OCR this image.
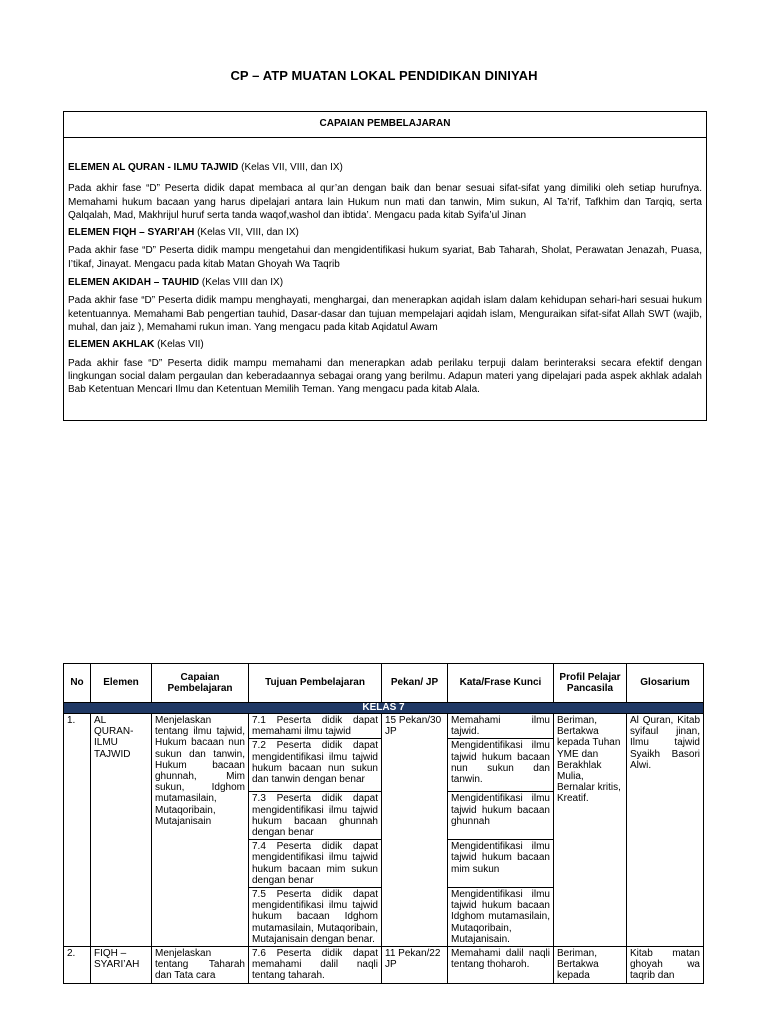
CP – ATP MUATAN LOKAL PENDIDIKAN DINIYAH
CAPAIAN PEMBELAJARAN

ELEMEN AL QURAN - ILMU TAJWID (Kelas VII, VIII, dan IX)

Pada akhir fase “D” Peserta didik dapat membaca al qur’an dengan baik dan benar sesuai sifat-sifat yang dimiliki oleh setiap hurufnya. Memahami hukum bacaan yang harus dipelajari antara lain Hukum nun mati dan tanwin, Mim sukun, Al Ta’rif, Tafkhim dan Tarqiq, serta Qalqalah, Mad, Makhrijul huruf serta tanda waqof,washol dan ibtida’. Mengacu pada kitab Syifa’ul Jinan

ELEMEN FIQH – SYARI’AH (Kelas VII, VIII, dan IX)

Pada akhir fase “D” Peserta didik mampu mengetahui dan mengidentifikasi hukum syariat, Bab Taharah, Sholat, Perawatan Jenazah, Puasa, I’tikaf, Jinayat. Mengacu pada kitab Matan Ghoyah Wa Taqrib

ELEMEN AKIDAH – TAUHID (Kelas VIII dan IX)

Pada akhir fase “D” Peserta didik mampu menghayati, menghargai, dan menerapkan aqidah islam dalam kehidupan sehari-hari sesuai hukum ketentuannya. Memahami Bab pengertian tauhid, Dasar-dasar dan tujuan mempelajari aqidah islam, Menguraikan sifat-sifat Allah SWT (wajib, muhal, dan jaiz ), Memahami rukun iman. Yang mengacu pada kitab Aqidatul Awam

ELEMEN AKHLAK (Kelas VII)

Pada akhir fase “D” Peserta didik mampu memahami dan menerapkan adab perilaku terpuji dalam berinteraksi secara efektif dengan lingkungan social dalam pergaulan dan keberadaannya sebagai orang yang berilmu. Adapun materi yang dipelajari pada aspek akhlak adalah Bab Ketentuan Mencari Ilmu dan Ketentuan Memilih Teman. Yang mengacu pada kitab Alala.

No	Elemen	Capaian Pembelajaran	Tujuan Pembelajaran	Pekan/ JP	Kata/Frase Kunci	Profil Pelajar Pancasila	Glosarium
KELAS 7							
1.	AL QURAN-ILMU TAJWID	Menjelaskan tentang ilmu tajwid, Hukum bacaan nun sukun dan tanwin, Hukum bacaan ghunnah, Mim sukun, Idghom mutamasilain, Mutaqoribain, Mutajanisain	7.1 Peserta didik dapat memahami ilmu tajwid	15 Pekan/30 JP	Memahami ilmu tajwid.	Beriman, Bertakwa kepada Tuhan YME dan Berakhlak Mulia, Bernalar kritis, Kreatif.	Al Quran, Kitab syifaul jinan, Ilmu tajwid Syaikh Basori Alwi.
			7.2 Peserta didik dapat mengidentifikasi ilmu tajwid hukum bacaan nun sukun dan tanwin dengan benar		Mengidentifikasi ilmu tajwid hukum bacaan nun sukun dan tanwin.		
			7.3 Peserta didik dapat mengidentifikasi ilmu tajwid hukum bacaan ghunnah dengan benar		Mengidentifikasi ilmu tajwid hukum bacaan ghunnah		
			7.4 Peserta didik dapat mengidentifikasi ilmu tajwid hukum bacaan mim sukun dengan benar		Mengidentifikasi ilmu tajwid hukum bacaan mim sukun		
			7.5 Peserta didik dapat mengidentifikasi ilmu tajwid hukum bacaan Idghom mutamasilain, Mutaqoribain, Mutajanisain dengan benar.		Mengidentifikasi ilmu tajwid hukum bacaan Idghom mutamasilain, Mutaqoribain, Mutajanisain.		
2.	FIQH – SYARI’AH	Menjelaskan tentang Taharah dan Tata cara	7.6 Peserta didik dapat memahami dalil naqli tentang taharah.	11 Pekan/22 JP	Memahami dalil naqli tentang thoharoh.	Beriman, Bertakwa kepada	Kitab matan ghoyah wa taqrib dan
